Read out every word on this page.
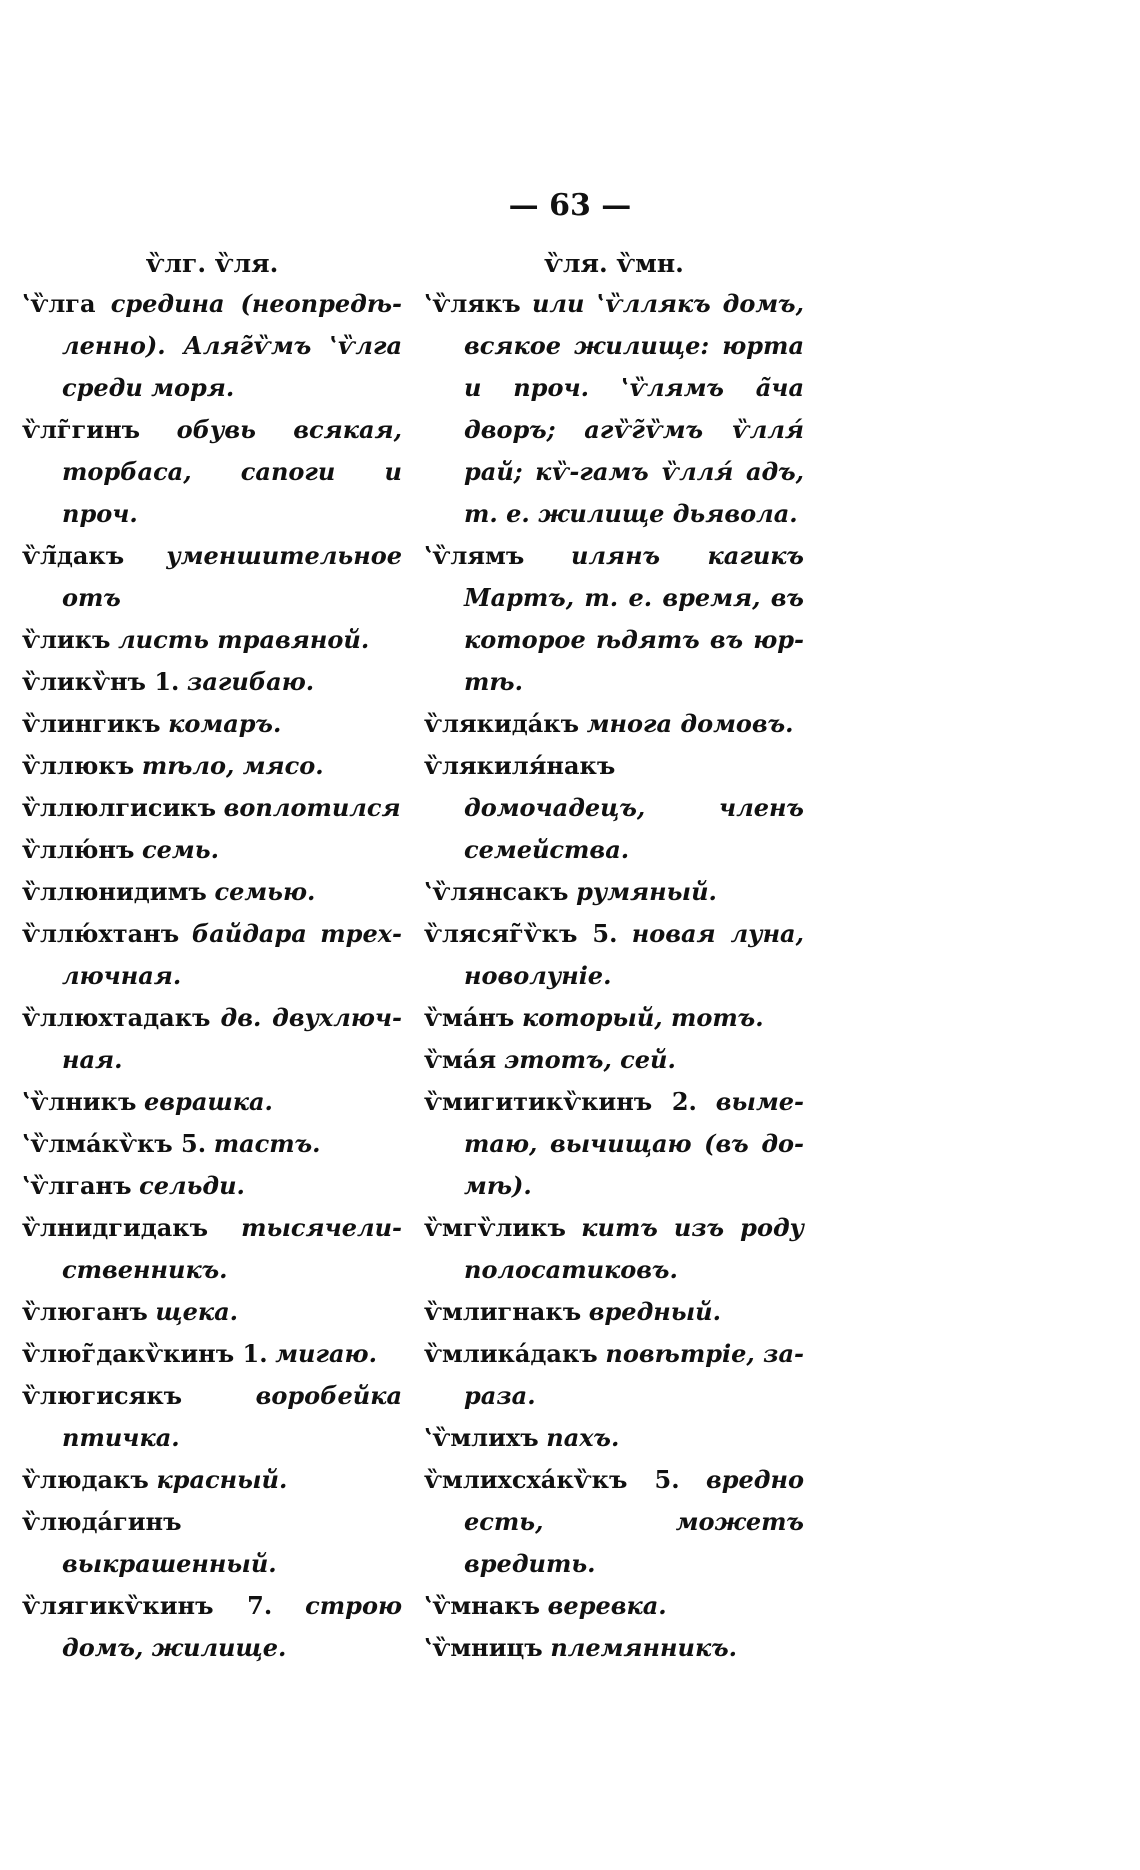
— 63 —
ѷлг. ѷля.

ʽѷлга средина (неопредѣ-ленно). Аляг̃ѷмъ ʽѷлга среди моря.

ѷлг̃гинъ обувь всякая, торбаса, сапоги и проч.

ѷл̃дакъ уменшительное отъ

ѷликъ листь травяной.

ѷликѷнъ 1. загибаю.

ѷлингикъ комаръ.

ѷллюкъ тѣло, мясо.

ѷллюлгисикъ воплотился

ѷллю́нъ семь.

ѷллюнидимъ семью.

ѷллю́хтанъ байдара трех-лючная.

ѷллюхтадакъ дв. двухлюч-ная.

ʽѷлникъ еврашка.

ʽѷлма́кѷкъ 5. тастъ.

ʽѷлганъ сельди.

ѷлнидгидакъ тысячели-ственникъ.

ѷлюганъ щека.

ѷлюг̃дакѷкинъ 1. мигаю.

ѷлюгисякъ	воробейка птичка.

ѷлюдакъ красный.

ѷлюда́гинъ выкрашенный.

ѷлягикѷкинъ 7. строю домъ, жилище.

ѷля. ѷмн.

ʽѷлякъ или ʽѷллякъ домъ, всякое жилище: юрта и проч. ʽѷлямъ а̃ча дворъ; агѷг̃ѷмъ ѷлля́ рай; кѷ-гамъ ѷлля́ адъ, т. е. жилище дьявола.

ʽѷлямъ илянъ кагикъ Мартъ, т. е. время, въ которое ѣдятъ въ юр-тѣ.

ѷлякида́къ многа домовъ.

ѷлякиля́накъ домочадецъ, членъ семейства.

ʽѷлянсакъ румяный.

ѷлясяг̃ѷкъ 5. новая луна, новолуніе.

ѷма́нъ который, тотъ.

ѷма́я этотъ, сей.

ѷмигитикѷкинъ 2. выме-таю, вычищаю (въ до-мѣ).

ѷмгѷликъ китъ изъ роду полосатиковъ.

ѷмлигнакъ вредный.

ѷмлика́дакъ повѣтріе, за-раза.

ʽѷмлихъ пахъ.

ѷмлихсха́кѷкъ 5. вредно есть, можетъ вредить.

ʽѷмнакъ веревка.

ʽѷмницъ племянникъ.
